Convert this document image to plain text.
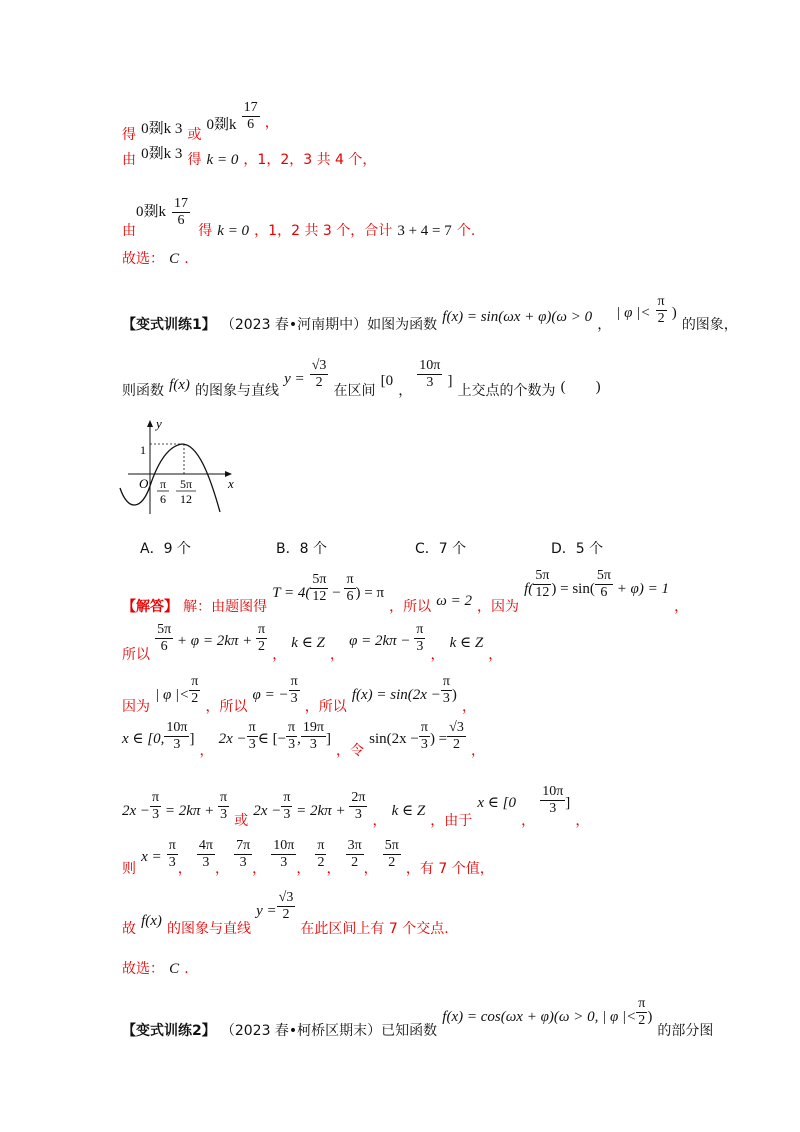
得 0剟k 3 或 0剟k $\frac{17}{6}$ ，
由 0剟k 3 得 k = 0 ，1，2，3 共 4 个，
0剟k $\frac{17}{6}$
由	得 k = 0 ，1，2 共 3 个，合计 3 + 4 = 7 个.
故选： C .
【变式训练1】 （2023 春•河南期中）如图为函数 f(x) = sin(ωx + φ)(ω > 0 ， | φ |< $\frac{\pi}{2}$ ) 的图象，
则函数 f(x) 的图象与直线 $y = \frac{√3}{2}$ 在区间 [0 ， $\frac{10\pi}{3}$ ] 上交点的个数为 (　　)
y
x
1
O π
6
5π
12
A．9 个	B．8 个	C．7 个	D．5 个
【解答】 解：由题图得 $T = 4( \frac{5\pi}{12} - \frac{\pi}{6}$ ) = π ，所以 ω = 2 ，因为 $f( \frac{5\pi}{12}$ ) = $\sin( \frac{5\pi}{6} + \varphi) = 1$ ，
所以 $\frac{5\pi}{6} + \varphi = 2k\pi + \frac{\pi}{2}$ ， k ∈ Z ， $\varphi = 2k\pi - \frac{\pi}{3}$ ， k ∈ Z ，
因为 | φ |< $\frac{\pi}{2}$ ，所以 φ = − $\frac{\pi}{3}$ ，所以 $f(x) = \sin(2x - \frac{\pi}{3}$ ) ，
x ∈ [0, $\frac{10\pi}{3}$ ] ， $2x - \frac{\pi}{3}$ ∈ [− $\frac{\pi}{3}$ , $\frac{19\pi}{3}$ ] ，令 $\sin(2x - \frac{\pi}{3}$ ) = $\frac{√3}{2}$ ，
$2x - \frac{\pi}{3} = 2k\pi + \frac{\pi}{3}$ 或 $2x - \frac{\pi}{3} = 2k\pi + \frac{2\pi}{3}$ ， k ∈ Z ，由于 x ∈ [0 ，
$\frac{10\pi}{3}$ ] ，
则 $x = \frac{\pi}{3}$ ， $\frac{4\pi}{3}$ ， $\frac{7\pi}{3}$ ， $\frac{10\pi}{3}$ ， $\frac{\pi}{2}$ ， $\frac{3\pi}{2}$ ， $\frac{5\pi}{2}$ ，有 7 个值，
故 f(x) 的图象与直线 $y = \frac{√3}{2}$
在此区间上有 7 个交点.
故选： C .
【变式训练2】 （2023 春•柯桥区期末）已知函数 f(x) = cos(ωx + φ)(ω > 0, | φ |< $\frac{\pi}{2}$ ) 的部分图
